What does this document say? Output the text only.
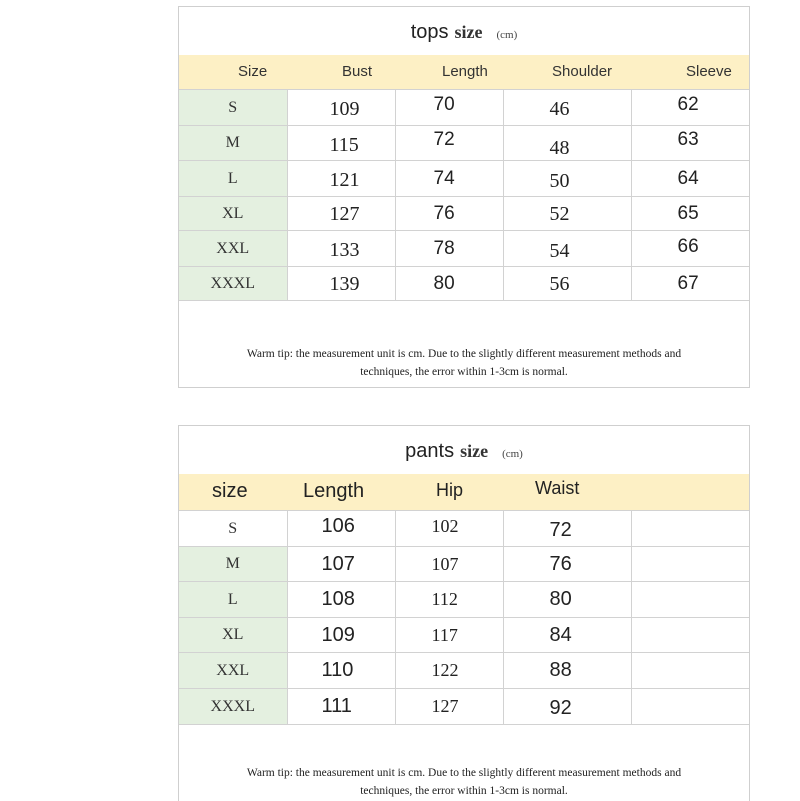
tops size (cm)
Size	Bust	Length	Shoulder	Sleeve
S	109	70	46	62
M	115	72	48	63
L	121	74	50	64
XL	127	76	52	65
XXL	133	78	54	66
XXXL	139	80	56	67
Warm tip: the measurement unit is cm. Due to the slightly different measurement methods and
techniques, the error within 1-3cm is normal.
pants size (cm)
size	Length	Hip	Waist
S	106	102	72	
M	107	107	76	
L	108	112	80	
XL	109	117	84	
XXL	110	122	88	
XXXL	111	127	92	
Warm tip: the measurement unit is cm. Due to the slightly different measurement methods and
techniques, the error within 1-3cm is normal.
